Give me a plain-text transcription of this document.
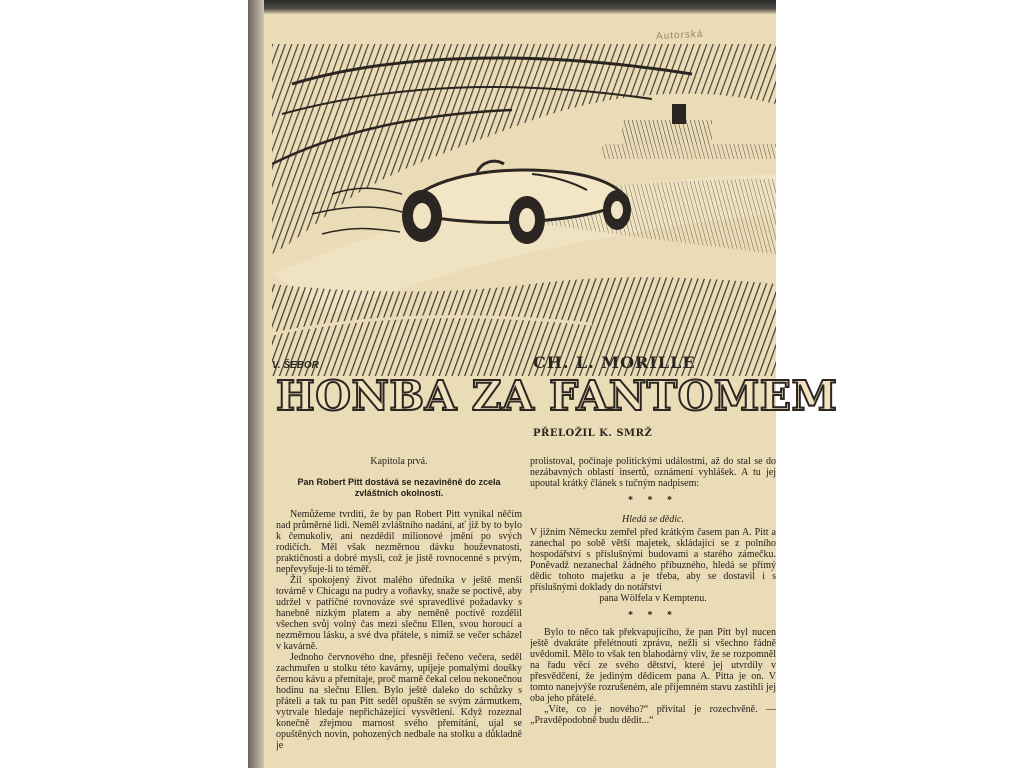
Autorská
V. ŠEBOR	CH. L. MORILLE
HONBA ZA FANTOMEM
PŘELOŽIL K. SMRŽ
Kapitola prvá.
Pan Robert Pitt dostává se nezaviněně do zcela zvláštních okolností.

Nemůžeme tvrditi, že by pan Robert Pitt vynikal něčím nad průměrné lidi. Neměl zvláštního nadání, ať již by to bylo k čemukoliv, ani nezdědil milionové jmění po svých rodičích. Měl však nezměrnou dávku houževnatosti, praktičnosti a dobré mysli, což je jistě rovnocenné s prvým, nepřevyšuje-li to téměř.

Žil spokojený život malého úředníka v ještě menší továrně v Chicagu na pudry a voňavky, snaže se poctivě, aby udržel v patřičné rovnováze své spravedlivé požadavky s hanebně nízkým platem a aby neměně poctivě rozdělil všechen svůj volný čas mezi slečnu Ellen, svou horoucí a nezměrnou lásku, a své dva přátele, s nimiž se večer scházel v kavárně.

Jednoho červnového dne, přesněji řečeno večera, seděl zachmuřen u stolku této kavárny, upíjeje pomalými doušky černou kávu a přemítaje, proč marně čekal celou nekonečnou hodinu na slečnu Ellen. Bylo ještě daleko do schůzky s přáteli a tak tu pan Pitt seděl opuštěn se svým zármutkem, vytrvale hledaje nepřicházející vysvětlení. Když rozeznal konečně zřejmou marnost svého přemítání, ujal se opuštěných novin, pohozených nedbale na stolku a důkladně je

prolistoval, počínaje politickými událostmi, až do stal se do nezábavných oblastí insertů, oznámení vyhlášek. A tu jej upoutal krátký článek s tučným nadpisem:

* * *
Hledá se dědic.

V jižním Německu zemřel před krátkým časem pan A. Pitt a zanechal po sobě větší majetek, skládající se z polního hospodářství s příslušnými budovami a starého zámečku. Poněvadž nezanechal žádného příbuzného, hledá se přímý dědic tohoto majetku a je třeba, aby se dostavil i s příslušnými doklady do notářství

pana Wölfela v Kemptenu.

* * *

Bylo to něco tak překvapujícího, že pan Pitt byl nucen ještě dvakráte přelétnouti zprávu, nežli si všechno řádně uvědomil. Mělo to však ten blahodárný vliv, že se rozpomněl na řadu věcí ze svého dětství, které jej utvrdily v přesvědčení, že jediným dědicem pana A. Pitta je on. V tomto nanejvýše rozrušeném, ale příjemném stavu zastihli jej oba jeho přátelé.

„Víte, co je nového?“ přivítal je rozechvěně. — „Pravděpodobně budu dědit...“
